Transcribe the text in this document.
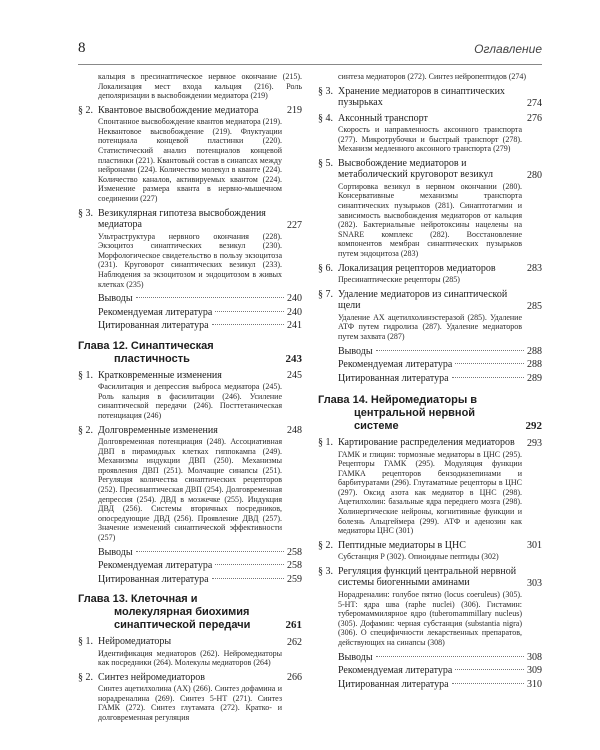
8	Оглавление
кальция в пресинаптическое нервное окончание (215). Локализация мест входа кальция (216). Роль деполяризации в высвобождении медиатора (219)
§ 2. Квантовое высвобождение медиатора	219
Спонтанное высвобождение квантов медиатора (219). Неквантовое высвобождение (219). Флуктуации потенциала концевой пластинки (220). Статистический анализ потенциалов концевой пластинки (221). Квантовый состав в синапсах между нейронами (224). Количество молекул в кванте (224). Количество каналов, активируемых квантом (224). Изменение размера кванта в нервно-мышечном соединении (227)
§ 3. Везикулярная гипотеза высвобождения медиатора	227
Ультраструктура нервного окончания (228). Экзоцитоз синаптических везикул (230). Морфологическое свидетельство в пользу экзоцитоза (231). Круговорот синаптических везикул (233). Наблюдения за экзоцитозом и эндоцитозом в живых клетках (235)
Выводы	240
Рекомендуемая литература	240
Цитированная литература	241
Глава 12. Синаптическая пластичность	243
§ 1. Кратковременные изменения	245
Фасилитация и депрессия выброса медиатора (245). Роль кальция в фасилитации (246). Усиление синаптической передачи (246). Посттетаническая потенциация (246)
§ 2. Долговременные изменения	248
Долговременная потенциация (248). Ассоциативная ДВП в пирамидных клетках гиппокампа (249). Механизмы индукции ДВП (250). Механизмы проявления ДВП (251). Молчащие синапсы (251). Регуляция количества синаптических рецепторов (252). Пресинаптическая ДВП (254). Долговременная депрессия (254). ДВД в мозжечке (255). Индукция ДВД (256). Системы вторичных посредников, опосредующие ДВД (256). Проявление ДВД (257). Значение изменений синаптической эффективности (257)
Выводы	258
Рекомендуемая литература	258
Цитированная литература	259
Глава 13. Клеточная и молекулярная биохимия синаптической передачи	261
§ 1. Нейромедиаторы	262
Идентификация медиаторов (262). Нейромедиаторы как посредники (264). Молекулы медиаторов (264)
§ 2. Синтез нейромедиаторов	266
Синтез ацетилхолина (АХ) (266). Синтез дофамина и норадреналина (269). Синтез 5-НТ (271). Синтез ГАМК (272). Синтез глутамата (272). Кратко- и долговременная регуляция
синтеза медиаторов (272). Синтез нейропептидов (274)
§ 3. Хранение медиаторов в синаптических пузырьках	274
§ 4. Аксонный транспорт	276
Скорость и направленность аксонного транспорта (277). Микротрубочки и быстрый транспорт (278). Механизм медленного аксонного транспорта (279)
§ 5. Высвобождение медиаторов и метаболический круговорот везикул	280
Сортировка везикул в нервном окончании (280). Консервативные механизмы транспорта синаптических пузырьков (281). Синаптотагмин и зависимость высвобождения медиаторов от кальция (282). Бактериальные нейротоксины нацелены на SNARE комплекс (282). Восстановление компонентов мембран синаптических пузырьков путем эндоцитоза (283)
§ 6. Локализация рецепторов медиаторов	283
Пресинаптические рецепторы (285)
§ 7. Удаление медиаторов из синаптической щели	285
Удаление АХ ацетилхолинэстеразой (285). Удаление АТФ путем гидролиза (287). Удаление медиаторов путем захвата (287)
Выводы	288
Рекомендуемая литература	288
Цитированная литература	289
Глава 14. Нейромедиаторы в центральной нервной системе	292
§ 1. Картирование распределения медиаторов	293
ГАМК и глицин: тормозные медиаторы в ЦНС (295). Рецепторы ГАМК (295). Модуляция функции ГАМКA рецепторов бензодиазепинами и барбитуратами (296). Глутаматные рецепторы в ЦНС (297). Оксид азота как медиатор в ЦНС (298). Ацетилхолин: базальные ядра переднего мозга (298). Холинергические нейроны, когнитивные функции и болезнь Альцгеймера (299). АТФ и аденозин как медиаторы ЦНС (301)
§ 2. Пептидные медиаторы в ЦНС	301
Субстанция Р (302). Опиоидные пептиды (302)
§ 3. Регуляция функций центральной нервной системы биогенными аминами	303
Норадреналин: голубое пятно (locus coeruleus) (305). 5-НТ: ядра шва (raphe nuclei) (306). Гистамин: туберомаммилярное ядро (tuberomammillary nucleus) (305). Дофамин: черная субстанция (substantia nigra) (306). О специфичности лекарственных препаратов, действующих на синапсы (308)
Выводы	308
Рекомендуемая литература	309
Цитированная литература	310
